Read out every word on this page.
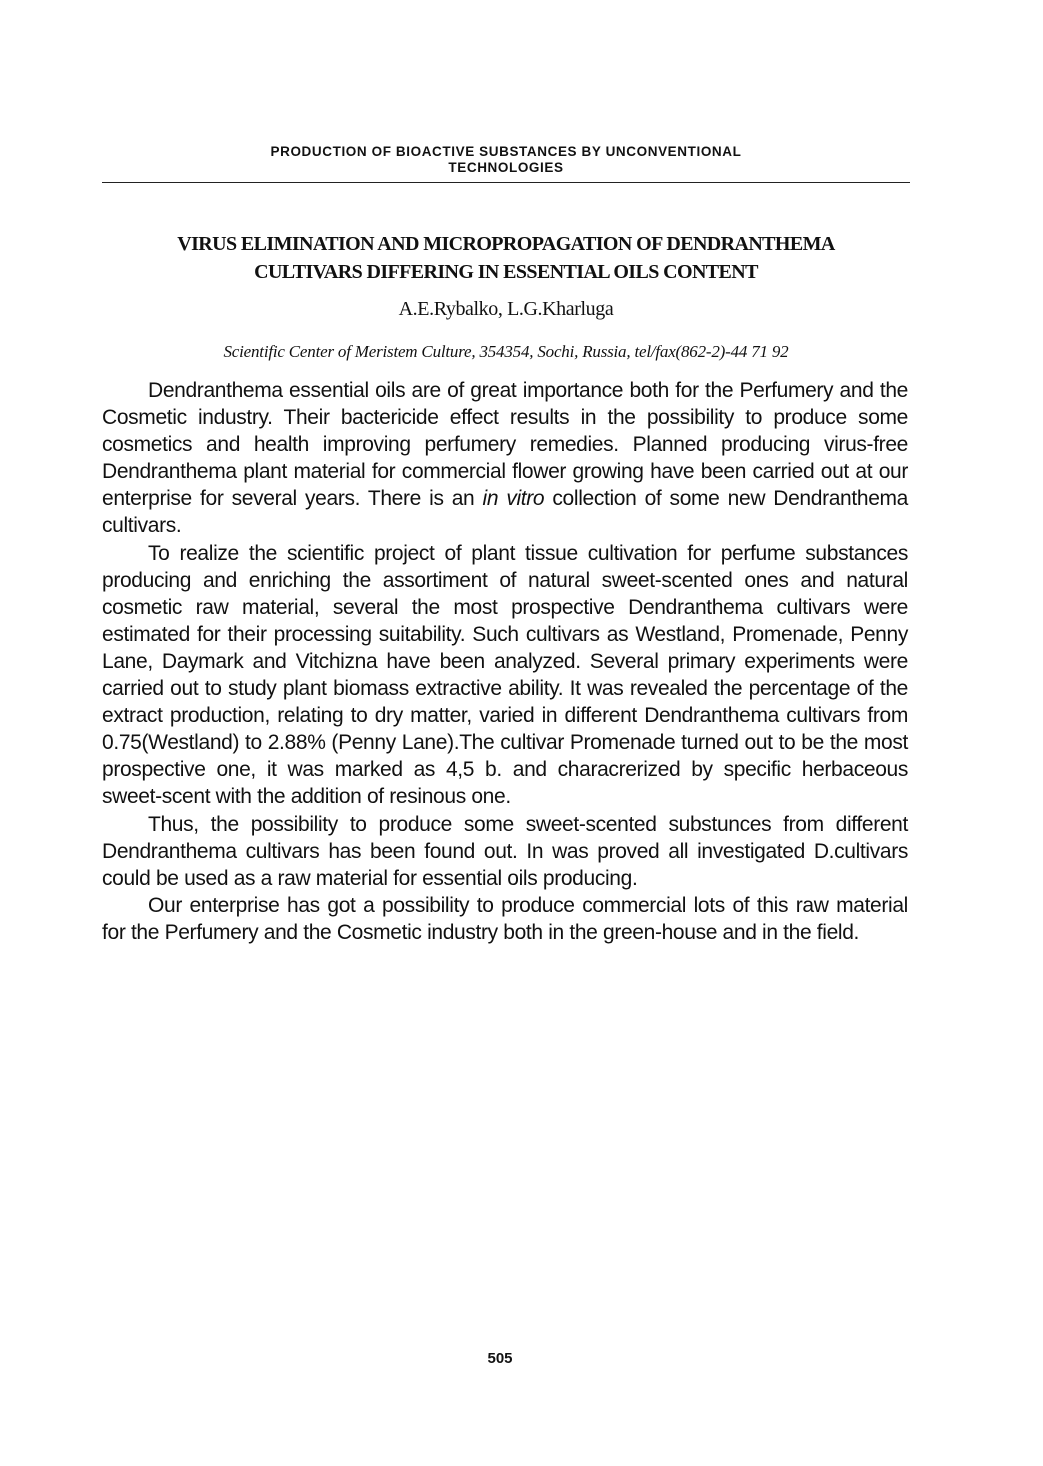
PRODUCTION OF BIOACTIVE SUBSTANCES BY UNCONVENTIONAL
TECHNOLOGIES
VIRUS ELIMINATION AND MICROPROPAGATION OF DENDRANTHEMA
CULTIVARS DIFFERING IN ESSENTIAL OILS CONTENT
A.E.Rybalko, L.G.Kharluga
Scientific Center of Meristem Culture, 354354, Sochi, Russia, tel/fax(862-2)-44 71 92

Dendranthema essential oils are of great importance both for the Perfumery and the Cosmetic industry. Their bactericide effect results in the possibility to produce some cosmetics and health improving perfumery remedies. Planned producing virus-free Dendranthema plant material for commercial flower growing have been carried out at our enterprise for several years. There is an in vitro collection of some new Dendranthema cultivars.

To realize the scientific project of plant tissue cultivation for perfume substances producing and enriching the assortiment of natural sweet-scented ones and natural cosmetic raw material, several the most prospective Dendranthema cultivars were estimated for their processing suitability. Such cultivars as Westland, Promenade, Penny Lane, Daymark and Vitchizna have been analyzed. Several primary experiments were carried out to study plant biomass extractive ability. It was revealed the percentage of the extract production, relating to dry matter, varied in different Dendranthema cultivars from 0.75(Westland) to 2.88% (Penny Lane).The cultivar Promenade turned out to be the most prospective one, it was marked as 4,5 b. and characrerized by specific herbaceous sweet-scent with the addition of resinous one.

Thus, the possibility to produce some sweet-scented substunces from different Dendranthema cultivars has been found out. In was proved all investigated D.cultivars could be used as a raw material for essential oils producing.

Our enterprise has got a possibility to produce commercial lots of this raw material for the Perfumery and the Cosmetic industry both in the green-house and in the field.

505
